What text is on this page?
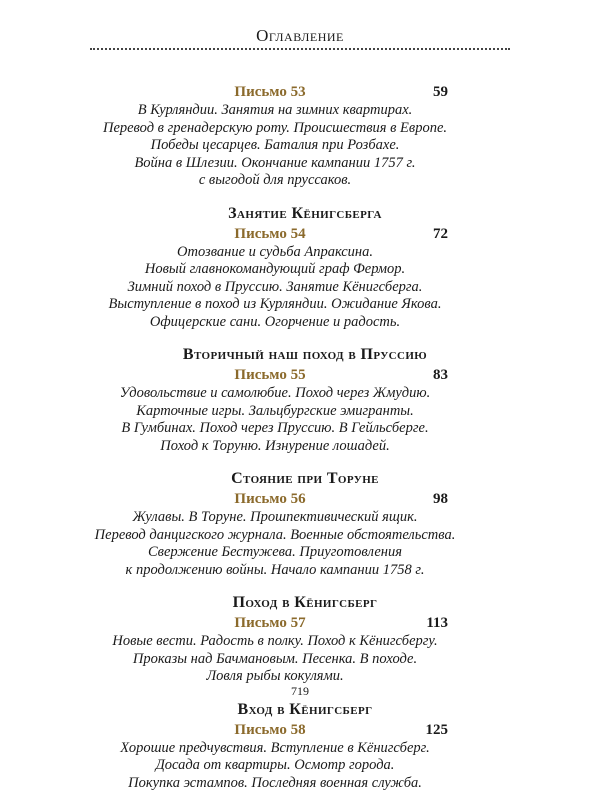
Оглавление
Письмо 53	59
В Курляндии. Занятия на зимних квартирах.
Перевод в гренадерскую роту. Происшествия в Европе.
Победы цесарцев. Баталия при Розбахе.
Война в Шлезии. Окончание кампании 1757 г.
с выгодой для пруссаков.
Занятие Кёнигсберга
Письмо 54	72
Отозвание и судьба Апраксина.
Новый главнокомандующий граф Фермор.
Зимний поход в Пруссию. Занятие Кёнигсберга.
Выступление в поход из Курляндии. Ожидание Якова.
Офицерские сани. Огорчение и радость.
Вторичный наш поход в Пруссию
Письмо 55	83
Удовольствие и самолюбие. Поход через Жмудию.
Карточные игры. Зальцбургские эмигранты.
В Гумбинах. Поход через Пруссию. В Гейльсберге.
Поход к Торуню. Изнурение лошадей.
Стояние при Торуне
Письмо 56	98
Жулавы. В Торуне. Прошпективический ящик.
Перевод данцигского журнала. Военные обстоятельства.
Свержение Бестужева. Приуготовления
к продолжению войны. Начало кампании 1758 г.
Поход в Кёнигсберг
Письмо 57	113
Новые вести. Радость в полку. Поход к Кёнигсбергу.
Проказы над Бачмановым. Песенка. В походе.
Ловля рыбы кокулями.
Вход в Кёнигсберг
Письмо 58	125
Хорошие предчувствия. Вступление в Кёнигсберг.
Досада от квартиры. Осмотр города.
Покупка эстампов. Последняя военная служба.
719
